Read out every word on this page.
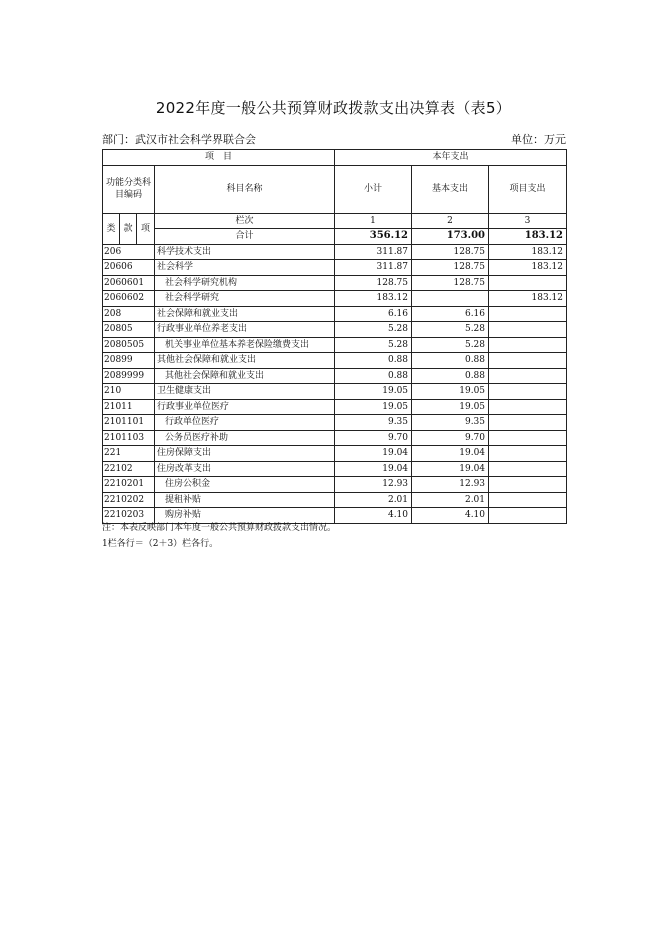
2022年度一般公共预算财政拨款支出决算表（表5）
部门：武汉市社会科学界联合会	单位：万元
项　目				本年支出		
功能分类科目编码			科目名称	小计	基本支出	项目支出
类	款	项	栏次	1	2	3
			合计	356.12	173.00	183.12
206			科学技术支出	311.87	128.75	183.12
20606			社会科学	311.87	128.75	183.12
2060601			社会科学研究机构	128.75	128.75	
2060602			社会科学研究	183.12		183.12
208			社会保障和就业支出	6.16	6.16	
20805			行政事业单位养老支出	5.28	5.28	
2080505			机关事业单位基本养老保险缴费支出	5.28	5.28	
20899			其他社会保障和就业支出	0.88	0.88	
2089999			其他社会保障和就业支出	0.88	0.88	
210			卫生健康支出	19.05	19.05	
21011			行政事业单位医疗	19.05	19.05	
2101101			行政单位医疗	9.35	9.35	
2101103			公务员医疗补助	9.70	9.70	
221			住房保障支出	19.04	19.04	
22102			住房改革支出	19.04	19.04	
2210201			住房公积金	12.93	12.93	
2210202			提租补贴	2.01	2.01	
2210203			购房补贴	4.10	4.10	
注：本表反映部门本年度一般公共预算财政拨款支出情况。
1栏各行＝（2＋3）栏各行。
